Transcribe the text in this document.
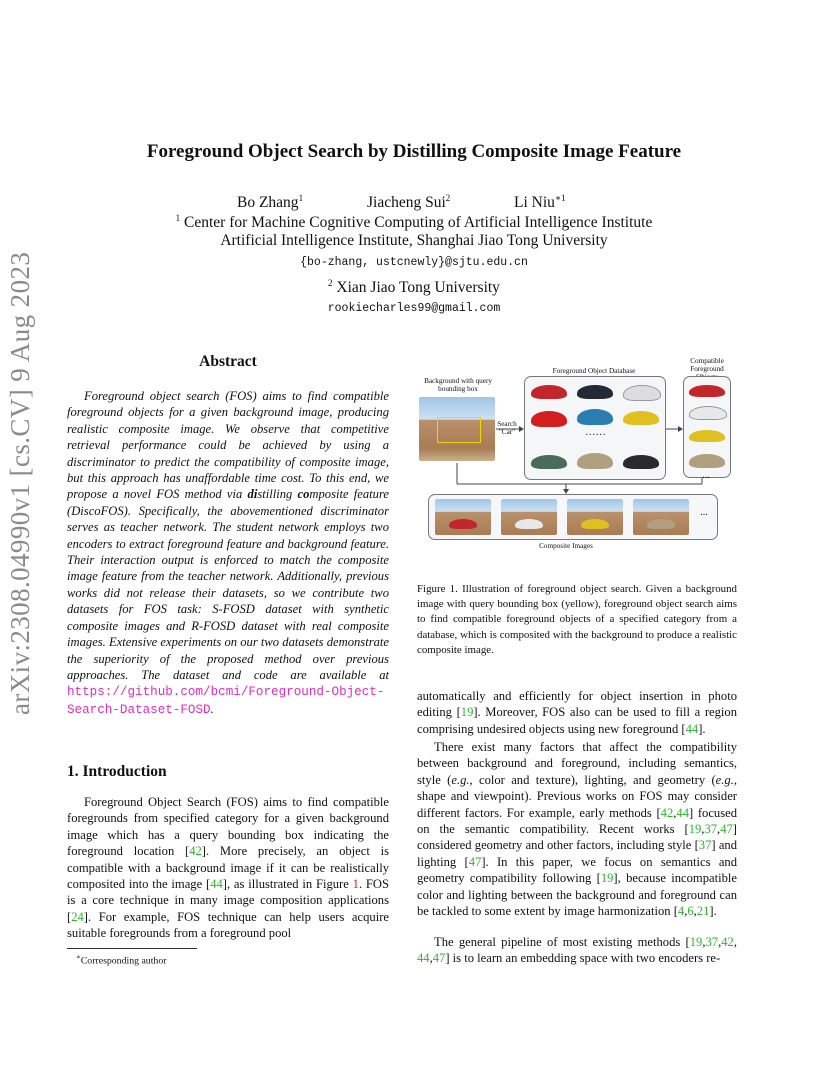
arXiv:2308.04990v1 [cs.CV] 9 Aug 2023
Foreground Object Search by Distilling Composite Image Feature
Bo Zhang$^1$	Jiacheng Sui$^2$	Li Niu$^{∗1}$
$^1$ Center for Machine Cognitive Computing of Artificial Intelligence Institute
Artificial Intelligence Institute, Shanghai Jiao Tong University
{bo-zhang, ustcnewly}@sjtu.edu.cn
$^2$ Xian Jiao Tong University
rookiecharles99@gmail.com
Abstract

Foreground object search (FOS) aims to find compatible foreground objects for a given background image, producing realistic composite image. We observe that competitive retrieval performance could be achieved by using a discriminator to predict the compatibility of composite image, but this approach has unaffordable time cost. To this end, we propose a novel FOS method via distilling composite feature (DiscoFOS). Specifically, the abovementioned discriminator serves as teacher network. The student network employs two encoders to extract foreground feature and background feature. Their interaction output is enforced to match the composite image feature from the teacher network. Additionally, previous works did not release their datasets, so we contribute two datasets for FOS task: S-FOSD dataset with synthetic composite images and R-FOSD dataset with real composite images. Extensive experiments on our two datasets demonstrate the superiority of the proposed method over previous approaches. The dataset and code are available at https://github.com/bcmi/Foreground-Object-Search-Dataset-FOSD.

1. Introduction

Foreground Object Search (FOS) aims to find compatible foregrounds from specified category for a given background image which has a query bounding box indicating the foreground location [42]. More precisely, an object is compatible with a background image if it can be realistically composited into the image [44], as illustrated in Figure 1. FOS is a core technique in many image composition applications [24]. For example, FOS technique can help users acquire suitable foregrounds from a foreground pool

∗Corresponding author
Background with query bounding box
Search "Car"
Foreground Object Database
......
Compatible Foreground
...
...
Composite Images
Figure 1. Illustration of foreground object search. Given a background image with query bounding box (yellow), foreground object search aims to find compatible foreground objects of a specified category from a database, which is composited with the background to produce a realistic composite image.

automatically and efficiently for object insertion in photo editing [19]. Moreover, FOS also can be used to fill a region comprising undesired objects using new foreground [44].

There exist many factors that affect the compatibility between background and foreground, including semantics, style (e.g., color and texture), lighting, and geometry (e.g., shape and viewpoint). Previous works on FOS may consider different factors. For example, early methods [42,44] focused on the semantic compatibility. Recent works [19,37,47] considered geometry and other factors, including style [37] and lighting [47]. In this paper, we focus on semantics and geometry compatibility following [19], because incompatible color and lighting between the background and foreground can be tackled to some extent by image harmonization [4,6,21].

The general pipeline of most existing methods [19,37,42, 44,47] is to learn an embedding space with two encoders re-
